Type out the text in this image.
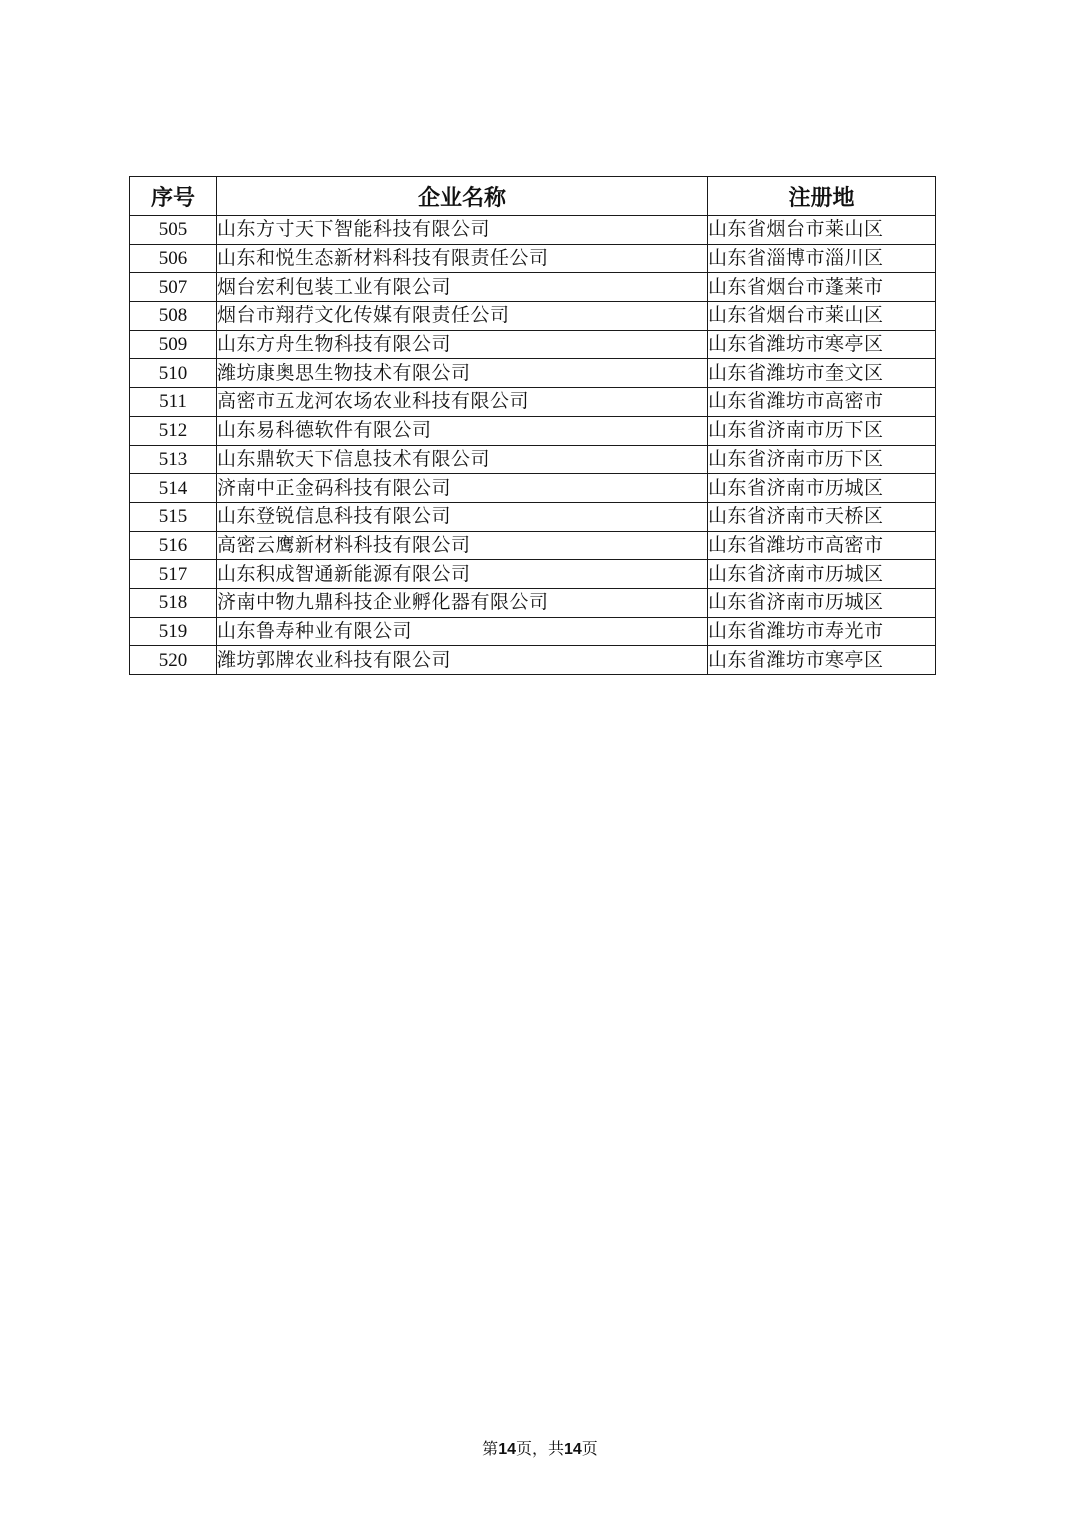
序号	企业名称	注册地
505	山东方寸天下智能科技有限公司	山东省烟台市莱山区
506	山东和悦生态新材料科技有限责任公司	山东省淄博市淄川区
507	烟台宏利包装工业有限公司	山东省烟台市蓬莱市
508	烟台市翔荇文化传媒有限责任公司	山东省烟台市莱山区
509	山东方舟生物科技有限公司	山东省潍坊市寒亭区
510	潍坊康奥思生物技术有限公司	山东省潍坊市奎文区
511	高密市五龙河农场农业科技有限公司	山东省潍坊市高密市
512	山东易科德软件有限公司	山东省济南市历下区
513	山东鼎软天下信息技术有限公司	山东省济南市历下区
514	济南中正金码科技有限公司	山东省济南市历城区
515	山东登锐信息科技有限公司	山东省济南市天桥区
516	高密云鹰新材料科技有限公司	山东省潍坊市高密市
517	山东积成智通新能源有限公司	山东省济南市历城区
518	济南中物九鼎科技企业孵化器有限公司	山东省济南市历城区
519	山东鲁寿种业有限公司	山东省潍坊市寿光市
520	潍坊郭牌农业科技有限公司	山东省潍坊市寒亭区
第14页，共14页
